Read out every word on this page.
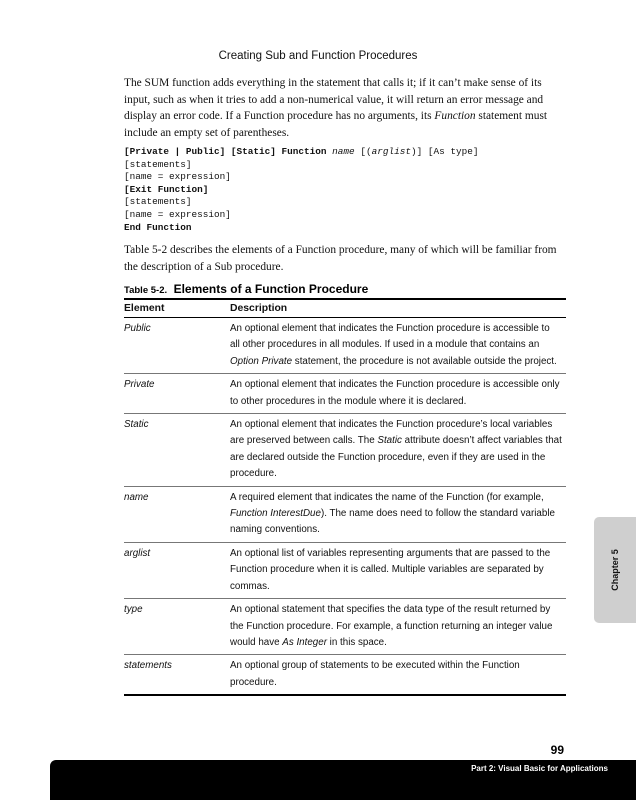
Creating Sub and Function Procedures

The SUM function adds everything in the statement that calls it; if it can’t make sense of its input, such as when it tries to add a non-numerical value, it will return an error message and display an error code. If a Function procedure has no arguments, its Function statement must include an empty set of parentheses.

[Private | Public] [Static] Function name [(arglist)] [As type]
[statements]
[name = expression]
[Exit Function]
[statements]
[name = expression]
End Function

Table 5-2 describes the elements of a Function procedure, many of which will be familiar from the description of a Sub procedure.

Table 5-2. Elements of a Function Procedure
Element	Description
Public	An optional element that indicates the Function procedure is accessible to all other procedures in all modules. If used in a module that contains an Option Private statement, the procedure is not available outside the project.
Private	An optional element that indicates the Function procedure is accessible only to other procedures in the module where it is declared.
Static	An optional element that indicates the Function procedure’s local variables are preserved between calls. The Static attribute doesn’t affect variables that are declared outside the Function procedure, even if they are used in the procedure.
name	A required element that indicates the name of the Function (for example, Function InterestDue). The name does need to follow the standard variable naming conventions.
arglist	An optional list of variables representing arguments that are passed to the Function procedure when it is called. Multiple variables are separated by commas.
type	An optional statement that specifies the data type of the result returned by the Function procedure. For example, a function returning an integer value would have As Integer in this space.
statements	An optional group of statements to be executed within the Function procedure.
Chapter 5
99
Part 2: Visual Basic for Applications
